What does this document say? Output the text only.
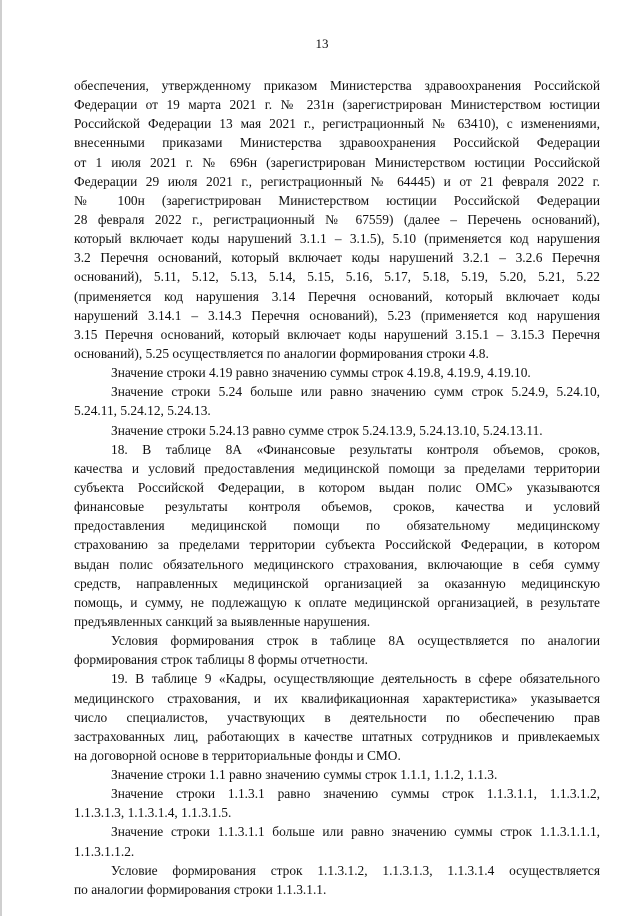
13
обеспечения, утвержденному приказом Министерства здравоохранения Российской
Федерации от 19 марта 2021 г. № 231н (зарегистрирован Министерством юстиции
Российской Федерации 13 мая 2021 г., регистрационный № 63410), с изменениями,
внесенными приказами Министерства здравоохранения Российской Федерации
от 1 июля 2021 г. № 696н (зарегистрирован Министерством юстиции Российской
Федерации 29 июля 2021 г., регистрационный № 64445) и от 21 февраля 2022 г.
№ 100н (зарегистрирован Министерством юстиции Российской Федерации
28 февраля 2022 г., регистрационный № 67559) (далее – Перечень оснований),
который включает коды нарушений 3.1.1 – 3.1.5), 5.10 (применяется код нарушения
3.2 Перечня оснований, который включает коды нарушений 3.2.1 – 3.2.6 Перечня
оснований), 5.11, 5.12, 5.13, 5.14, 5.15, 5.16, 5.17, 5.18, 5.19, 5.20, 5.21, 5.22
(применяется код нарушения 3.14 Перечня оснований, который включает коды
нарушений 3.14.1 – 3.14.3 Перечня оснований), 5.23 (применяется код нарушения
3.15 Перечня оснований, который включает коды нарушений 3.15.1 – 3.15.3 Перечня
оснований), 5.25 осуществляется по аналогии формирования строки 4.8.
Значение строки 4.19 равно значению суммы строк 4.19.8, 4.19.9, 4.19.10.
Значение строки 5.24 больше или равно значению сумм строк 5.24.9, 5.24.10,
5.24.11, 5.24.12, 5.24.13.
Значение строки 5.24.13 равно сумме строк 5.24.13.9, 5.24.13.10, 5.24.13.11.
18. В таблице 8А «Финансовые результаты контроля объемов, сроков,
качества и условий предоставления медицинской помощи за пределами территории
субъекта Российской Федерации, в котором выдан полис ОМС» указываются
финансовые результаты контроля объемов, сроков, качества и условий
предоставления медицинской помощи по обязательному медицинскому
страхованию за пределами территории субъекта Российской Федерации, в котором
выдан полис обязательного медицинского страхования, включающие в себя сумму
средств, направленных медицинской организацией за оказанную медицинскую
помощь, и сумму, не подлежащую к оплате медицинской организацией, в результате
предъявленных санкций за выявленные нарушения.
Условия формирования строк в таблице 8А осуществляется по аналогии
формирования строк таблицы 8 формы отчетности.
19. В таблице 9 «Кадры, осуществляющие деятельность в сфере обязательного
медицинского страхования, и их квалификационная характеристика» указывается
число специалистов, участвующих в деятельности по обеспечению прав
застрахованных лиц, работающих в качестве штатных сотрудников и привлекаемых
на договорной основе в территориальные фонды и СМО.
Значение строки 1.1 равно значению суммы строк 1.1.1, 1.1.2, 1.1.3.
Значение строки 1.1.3.1 равно значению суммы строк 1.1.3.1.1, 1.1.3.1.2,
1.1.3.1.3, 1.1.3.1.4, 1.1.3.1.5.
Значение строки 1.1.3.1.1 больше или равно значению суммы строк 1.1.3.1.1.1,
1.1.3.1.1.2.
Условие формирования строк 1.1.3.1.2, 1.1.3.1.3, 1.1.3.1.4 осуществляется
по аналогии формирования строки 1.1.3.1.1.
